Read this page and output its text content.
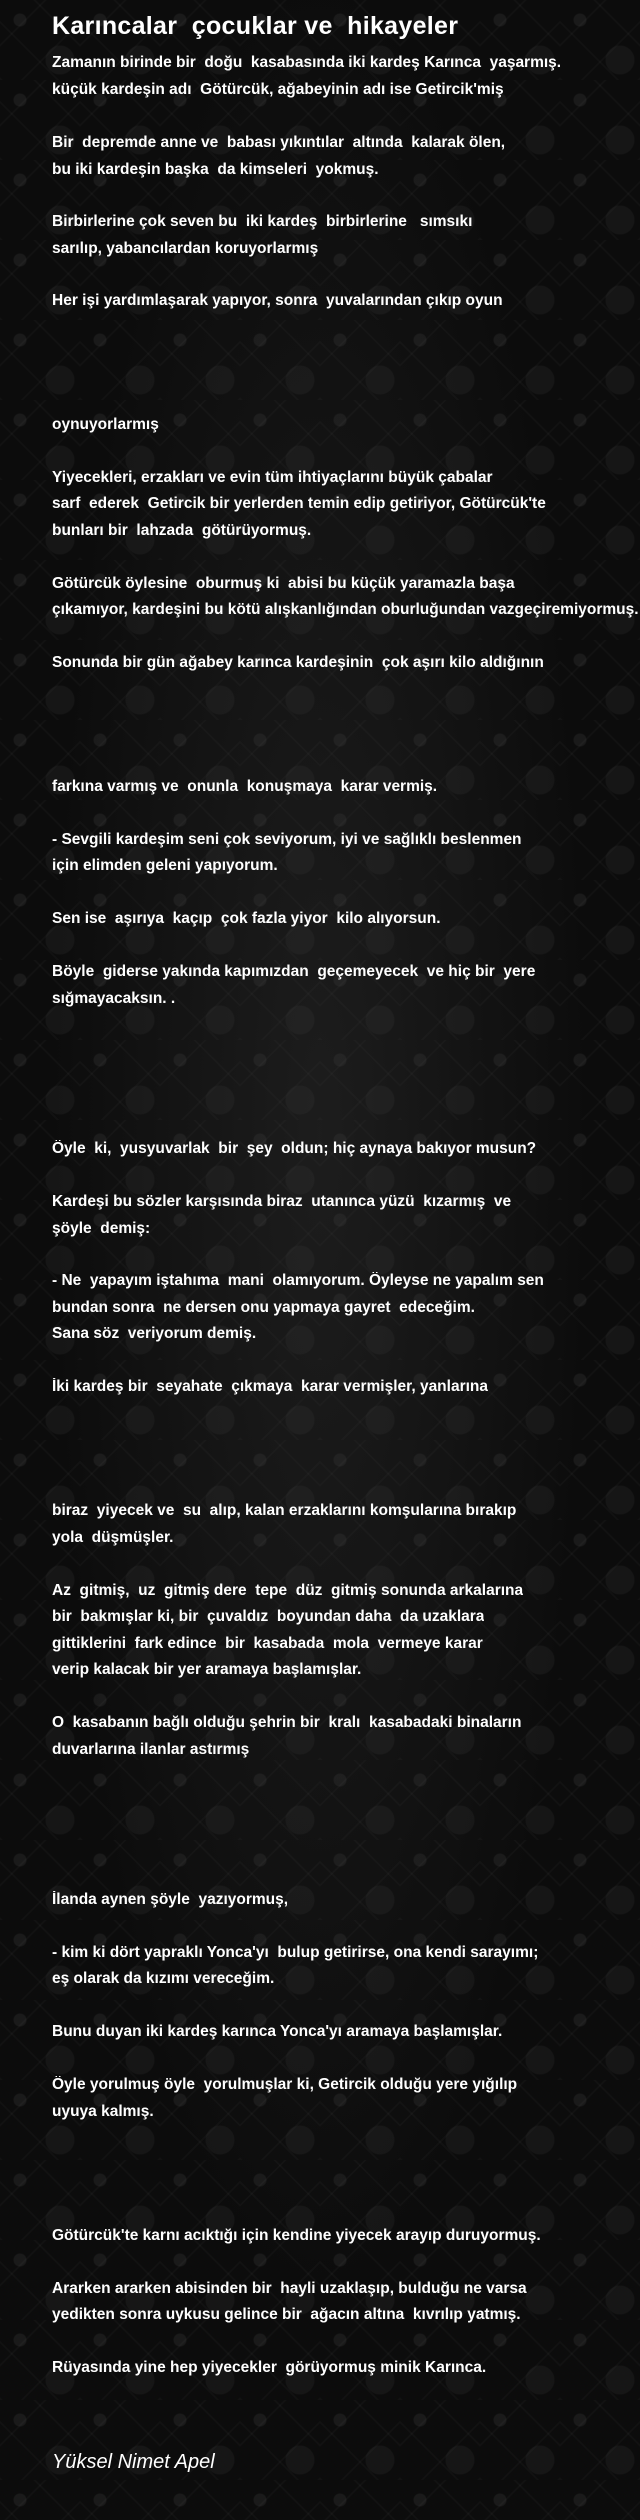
Karıncalar  çocuklar ve  hikayeler
Zamanın birinde bir  doğu  kasabasında iki kardeş Karınca  yaşarmış.
küçük kardeşin adı  Götürcük, ağabeyinin adı ise Getircik'miş
Bir  depremde anne ve  babası yıkıntılar  altında  kalarak ölen,
bu iki kardeşin başka  da kimseleri  yokmuş.
Birbirlerine çok seven bu  iki kardeş  birbirlerine   sımsıkı
sarılıp, yabancılardan koruyorlarmış
Her işi yardımlaşarak yapıyor, sonra  yuvalarından çıkıp oyun
oynuyorlarmış
Yiyecekleri, erzakları ve evin tüm ihtiyaçlarını büyük çabalar
sarf  ederek  Getircik bir yerlerden temin edip getiriyor, Götürcük'te
bunları bir  lahzada  götürüyormuş.
Götürcük öylesine  oburmuş ki  abisi bu küçük yaramazla başa
çıkamıyor, kardeşini bu kötü alışkanlığından oburluğundan vazgeçiremiyormuş.
Sonunda bir gün ağabey karınca kardeşinin  çok aşırı kilo aldığının
farkına varmış ve  onunla  konuşmaya  karar vermiş.
- Sevgili kardeşim seni çok seviyorum, iyi ve sağlıklı beslenmen
için elimden geleni yapıyorum.
Sen ise  aşırıya  kaçıp  çok fazla yiyor  kilo alıyorsun.
Böyle  giderse yakında kapımızdan  geçemeyecek  ve hiç bir  yere
sığmayacaksın. .
Öyle  ki,  yusyuvarlak  bir  şey  oldun; hiç aynaya bakıyor musun?
Kardeşi bu sözler karşısında biraz  utanınca yüzü  kızarmış  ve
şöyle  demiş:
- Ne  yapayım iştahıma  mani  olamıyorum. Öyleyse ne yapalım sen
bundan sonra  ne dersen onu yapmaya gayret  edeceğim.
Sana söz  veriyorum demiş.
İki kardeş bir  seyahate  çıkmaya  karar vermişler, yanlarına
biraz  yiyecek ve  su  alıp, kalan erzaklarını komşularına bırakıp
yola  düşmüşler.
Az  gitmiş,  uz  gitmiş dere  tepe  düz  gitmiş sonunda arkalarına
bir  bakmışlar ki, bir  çuvaldız  boyundan daha  da uzaklara
gittiklerini  fark edince  bir  kasabada  mola  vermeye karar
verip kalacak bir yer aramaya başlamışlar.
O  kasabanın bağlı olduğu şehrin bir  kralı  kasabadaki binaların
duvarlarına ilanlar astırmış
İlanda aynen şöyle  yazıyormuş,
- kim ki dört yapraklı Yonca'yı  bulup getirirse, ona kendi sarayımı;
eş olarak da kızımı vereceğim.
Bunu duyan iki kardeş karınca Yonca'yı aramaya başlamışlar.
Öyle yorulmuş öyle  yorulmuşlar ki, Getircik olduğu yere yığılıp
uyuya kalmış.
Götürcük'te karnı acıktığı için kendine yiyecek arayıp duruyormuş.
Ararken ararken abisinden bir  hayli uzaklaşıp, bulduğu ne varsa
yedikten sonra uykusu gelince bir  ağacın altına  kıvrılıp yatmış.
Rüyasında yine hep yiyecekler  görüyormuş minik Karınca.
Yüksel Nimet Apel
